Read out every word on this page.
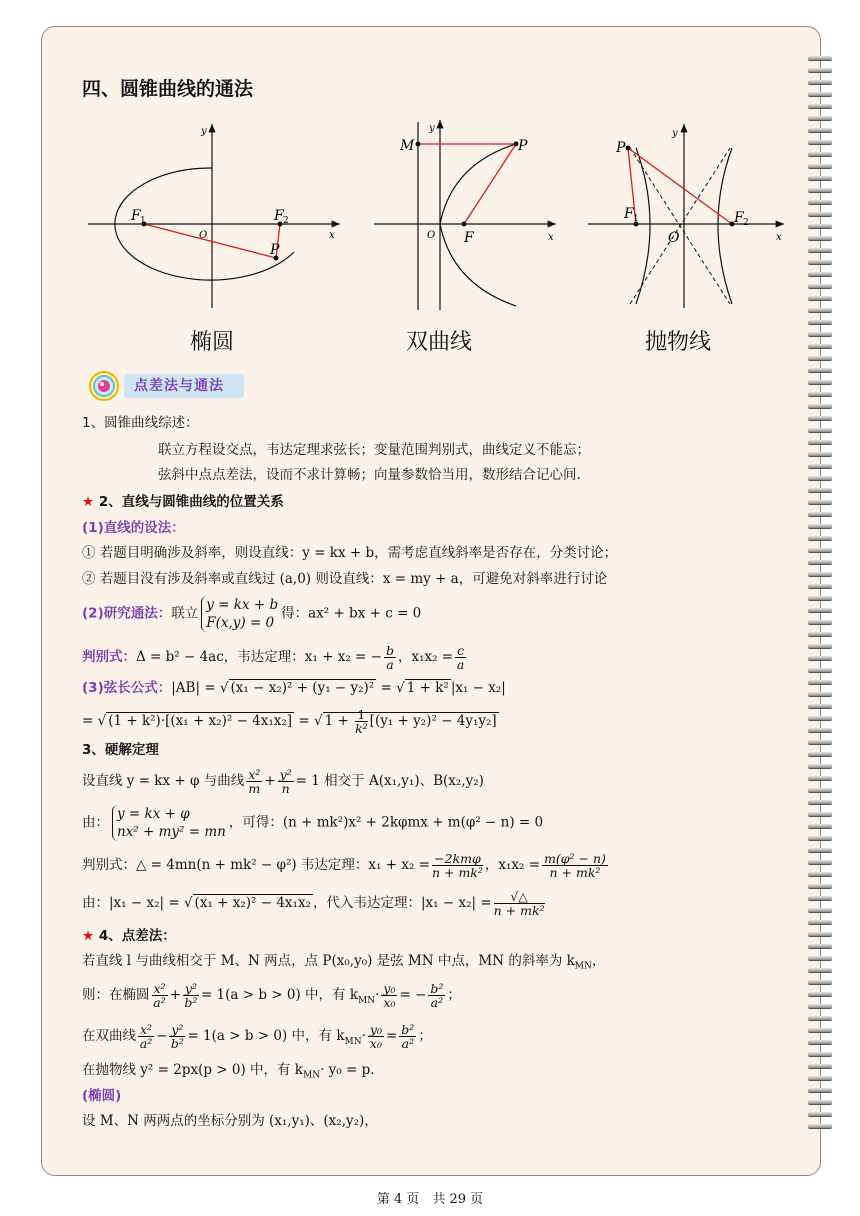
四、圆锥曲线的通法
y
x
O
F 1	F 2
P
椭圆
y
x
O
M	P
F
双曲线
y
x
O
P
F 1	F 2
抛物线
点差法与通法
1、圆锥曲线综述：
联立方程设交点，韦达定理求弦长；变量范围判别式，曲线定义不能忘；
弦斜中点点差法，设而不求计算畅；向量参数恰当用，数形结合记心间.
★ 2、直线与圆锥曲线的位置关系
(1)直线的设法：
① 若题目明确涉及斜率，则设直线：y = kx + b，需考虑直线斜率是否存在，分类讨论；
② 若题目没有涉及斜率或直线过 (a,0) 则设直线：x = my + a，可避免对斜率进行讨论
(2)研究通法：联立
y = kx + b
F(x,y) = 0
得：ax² + bx + c = 0
判别式：Δ = b² − 4ac，韦达定理：x₁ + x₂ = − $\frac{b}{a}$ ，$x_1x_2 = \frac{c}{a}$
(3)弦长公式：|AB| = √ (x₁ − x₂)² + (y₁ − y₂)² = √ 1 + k² |x₁ − x₂|
= √ (1 + k²)·[(x₁ + x₂)² − 4x₁x₂] = √ $1 + \frac{1}{\text{k²}} [(y_1 + y_2)^2 - 4y_1y_2]$
3、硬解定理
设直线 y = kx + φ 与曲线 $\frac{\text{x²}}{m} + \frac{\text{y²}}{n} = 1$ 相交于 A(x₁,y₁)、B(x₂,y₂)
由：
y = kx + φ
nx² + my² = mn
，可得：(n + mk²)x² + 2kφmx + m(φ² − n) = 0
判别式：△ = 4mn(n + mk² − φ²) 韦达定理：$x_1 + x_2 = \frac{\text{−2kmφ}}{\text{n + mk²}}$ ，$x_1x_2 = \frac{\text{m(φ² − n)}}{\text{n + mk²}}$
由：|x₁ − x₂| = √ (x₁ + x₂)² − 4x₁x₂ ，代入韦达定理：$|x_1 - x_2| = \frac{√\triangle}{\text{n + mk²}}$
★ 4、点差法：
若直线 l 与曲线相交于 M、N 两点，点 P(x₀,y₀) 是弦 MN 中点，MN 的斜率为 $k_{MN}$，
则：在椭圆 $\frac{\text{x²}}{\text{a²}} + \frac{\text{y²}}{\text{b²}} = 1(a > b > 0)$ 中，有 $k_{MN}\cdot \frac{\text{y₀}}{\text{x₀}}$ = − $\frac{\text{b²}}{\text{a²}}$ ；
在双曲线 $\frac{\text{x²}}{\text{a²}} - \frac{\text{y²}}{\text{b²}} = 1(a > b > 0)$ 中，有 $k_{MN}\cdot \frac{\text{y₀}}{\text{x₀}} = \frac{\text{b²}}{\text{a²}}$ ；
在抛物线 y² = 2px(p > 0) 中，有 $k_{MN}\cdot y_0 = p$.
(椭圆)
设 M、N 两两点的坐标分别为 (x₁,y₁)、(x₂,y₂)，
第 4 页　共 29 页
